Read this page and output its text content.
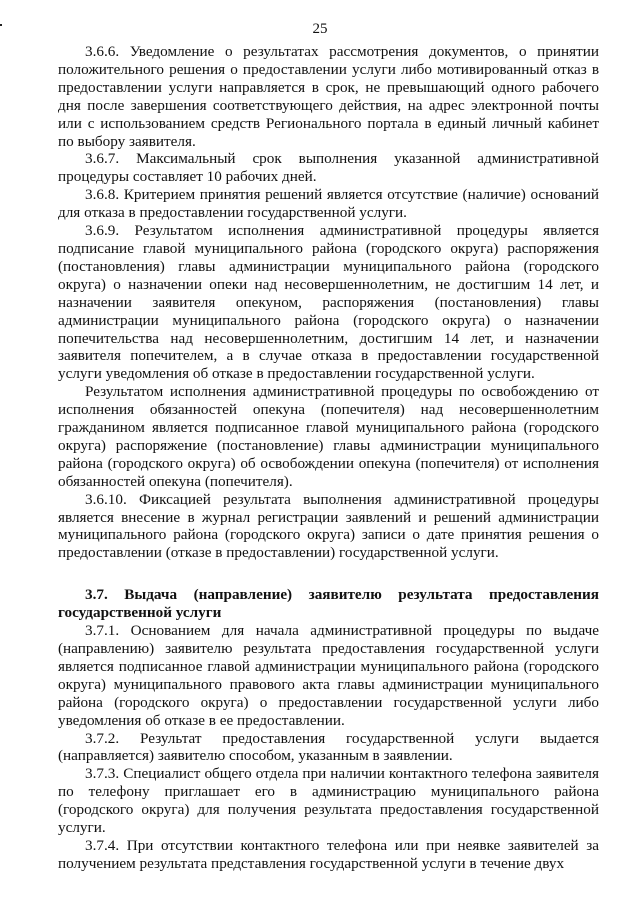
25

3.6.6. Уведомление о результатах рассмотрения документов, о принятии положительного решения о предоставлении услуги либо мотивированный отказ в предоставлении услуги направляется в срок, не превышающий одного рабочего дня после завершения соответствующего действия, на адрес электронной почты или с использованием средств Регионального портала в единый личный кабинет по выбору заявителя.

3.6.7. Максимальный срок выполнения указанной административной процедуры составляет 10 рабочих дней.

3.6.8. Критерием принятия решений является отсутствие (наличие) оснований для отказа в предоставлении государственной услуги.

3.6.9. Результатом исполнения административной процедуры является подписание главой муниципального района (городского округа) распоряжения (постановления) главы администрации муниципального района (городского округа) о назначении опеки над несовершеннолетним, не достигшим 14 лет, и назначении заявителя опекуном, распоряжения (постановления) главы администрации муниципального района (городского округа) о назначении попечительства над несовершеннолетним, достигшим 14 лет, и назначении заявителя попечителем, а в случае отказа в предоставлении государственной услуги уведомления об отказе в предоставлении государственной услуги.

Результатом исполнения административной процедуры по освобождению от исполнения обязанностей опекуна (попечителя) над несовершеннолетним гражданином является подписанное главой муниципального района (городского округа) распоряжение (постановление) главы администрации муниципального района (городского округа) об освобождении опекуна (попечителя) от исполнения обязанностей опекуна (попечителя).

3.6.10. Фиксацией результата выполнения административной процедуры является внесение в журнал регистрации заявлений и решений администрации муниципального района (городского округа) записи о дате принятия решения о предоставлении (отказе в предоставлении) государственной услуги.

3.7. Выдача (направление) заявителю результата предоставления государственной услуги

3.7.1. Основанием для начала административной процедуры по выдаче (направлению) заявителю результата предоставления государственной услуги является подписанное главой администрации муниципального района (городского округа) муниципального правового акта главы администрации муниципального района (городского округа) о предоставлении государственной услуги либо уведомления об отказе в ее предоставлении.

3.7.2. Результат предоставления государственной услуги выдается (направляется) заявителю способом, указанным в заявлении.

3.7.3. Специалист общего отдела при наличии контактного телефона заявителя по телефону приглашает его в администрацию муниципального района (городского округа) для получения результата предоставления государственной услуги.

3.7.4. При отсутствии контактного телефона или при неявке заявителей за получением результата представления государственной услуги в течение двух
